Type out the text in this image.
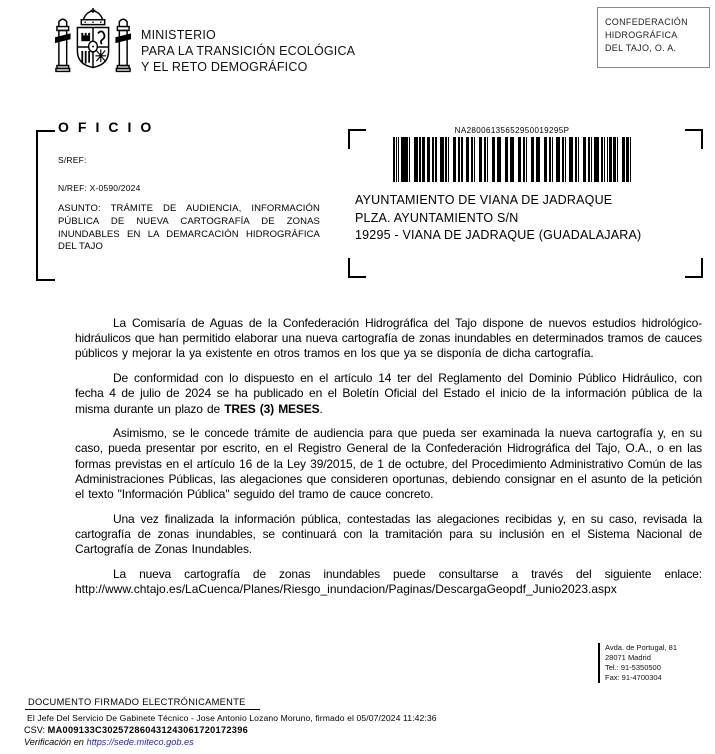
MINISTERIO
PARA LA TRANSICIÓN ECOLÓGICA
Y EL RETO DEMOGRÁFICO
CONFEDERACIÓN
HIDROGRÁFICA
DEL TAJO, O. A.
OFICIO
S/REF:
N/REF: X-0590/2024

ASUNTO: TRÁMITE DE AUDIENCIA, INFORMACIÓN PÚBLICA DE NUEVA CARTOGRAFÍA DE ZONAS INUNDABLES EN LA DEMARCACIÓN HIDROGRÁFICA DEL TAJO

NA28006135652950019295P
AYUNTAMIENTO DE VIANA DE JADRAQUE
PLZA. AYUNTAMIENTO S/N
19295 - VIANA DE JADRAQUE (GUADALAJARA)

La Comisaría de Aguas de la Confederación Hidrográfica del Tajo dispone de nuevos estudios hidrológico-hidráulicos que han permitido elaborar una nueva cartografía de zonas inundables en determinados tramos de cauces públicos y mejorar la ya existente en otros tramos en los que ya se disponía de dicha cartografía.

De conformidad con lo dispuesto en el artículo 14 ter del Reglamento del Dominio Público Hidráulico, con fecha 4 de julio de 2024 se ha publicado en el Boletín Oficial del Estado el inicio de la información pública de la misma durante un plazo de TRES (3) MESES.

Asimismo, se le concede trámite de audiencia para que pueda ser examinada la nueva cartografía y, en su caso, pueda presentar por escrito, en el Registro General de la Confederación Hidrográfica del Tajo, O.A., o en las formas previstas en el artículo 16 de la Ley 39/2015, de 1 de octubre, del Procedimiento Administrativo Común de las Administraciones Públicas, las alegaciones que consideren oportunas, debiendo consignar en el asunto de la petición el texto "Información Pública" seguido del tramo de cauce concreto.

Una vez finalizada la información pública, contestadas las alegaciones recibidas y, en su caso, revisada la cartografía de zonas inundables, se continuará con la tramitación para su inclusión en el Sistema Nacional de Cartografía de Zonas Inundables.

La nueva cartografía de zonas inundables puede consultarse a través del siguiente enlace: http://www.chtajo.es/LaCuenca/Planes/Riesgo_inundacion/Paginas/DescargaGeopdf_Junio2023.aspx

Avda. de Portugal, 81
28071 Madrid
Tel.: 91-5350500
Fax: 91-4700304
DOCUMENTO FIRMADO ELECTRÓNICAMENTE
El Jefe Del Servicio De Gabinete Técnico - Jose Antonio Lozano Moruno, firmado el 05/07/2024 11:42:36
CSV: MA009133C302572860431243061720172396
Verificación en https://sede.miteco.gob.es
